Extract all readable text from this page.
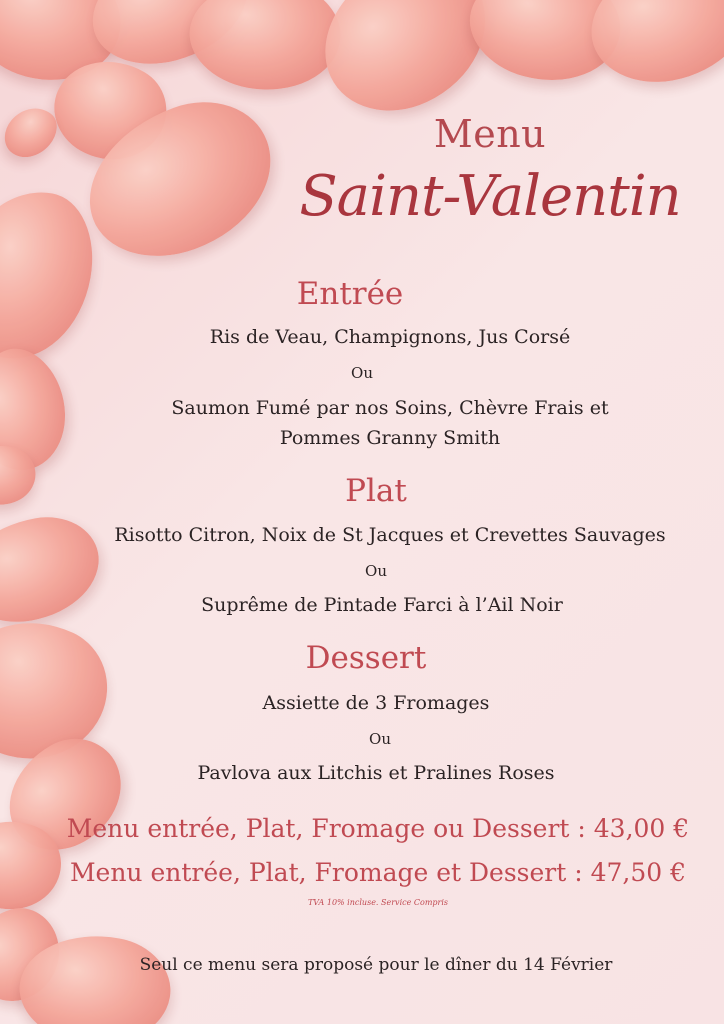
Menu
Saint-Valentin
Entrée
Ris de Veau, Champignons, Jus Corsé
Ou
Saumon Fumé par nos Soins, Chèvre Frais et
Pommes Granny Smith
Plat
Risotto Citron, Noix de St Jacques et Crevettes Sauvages
Ou
Suprême de Pintade Farci à l’Ail Noir
Dessert
Assiette de 3 Fromages
Ou
Pavlova aux Litchis et Pralines Roses
Menu entrée, Plat, Fromage ou Dessert : 43,00 €
Menu entrée, Plat, Fromage et Dessert : 47,50 €
TVA 10% incluse. Service Compris
Seul ce menu sera proposé pour le dîner du 14 Février
